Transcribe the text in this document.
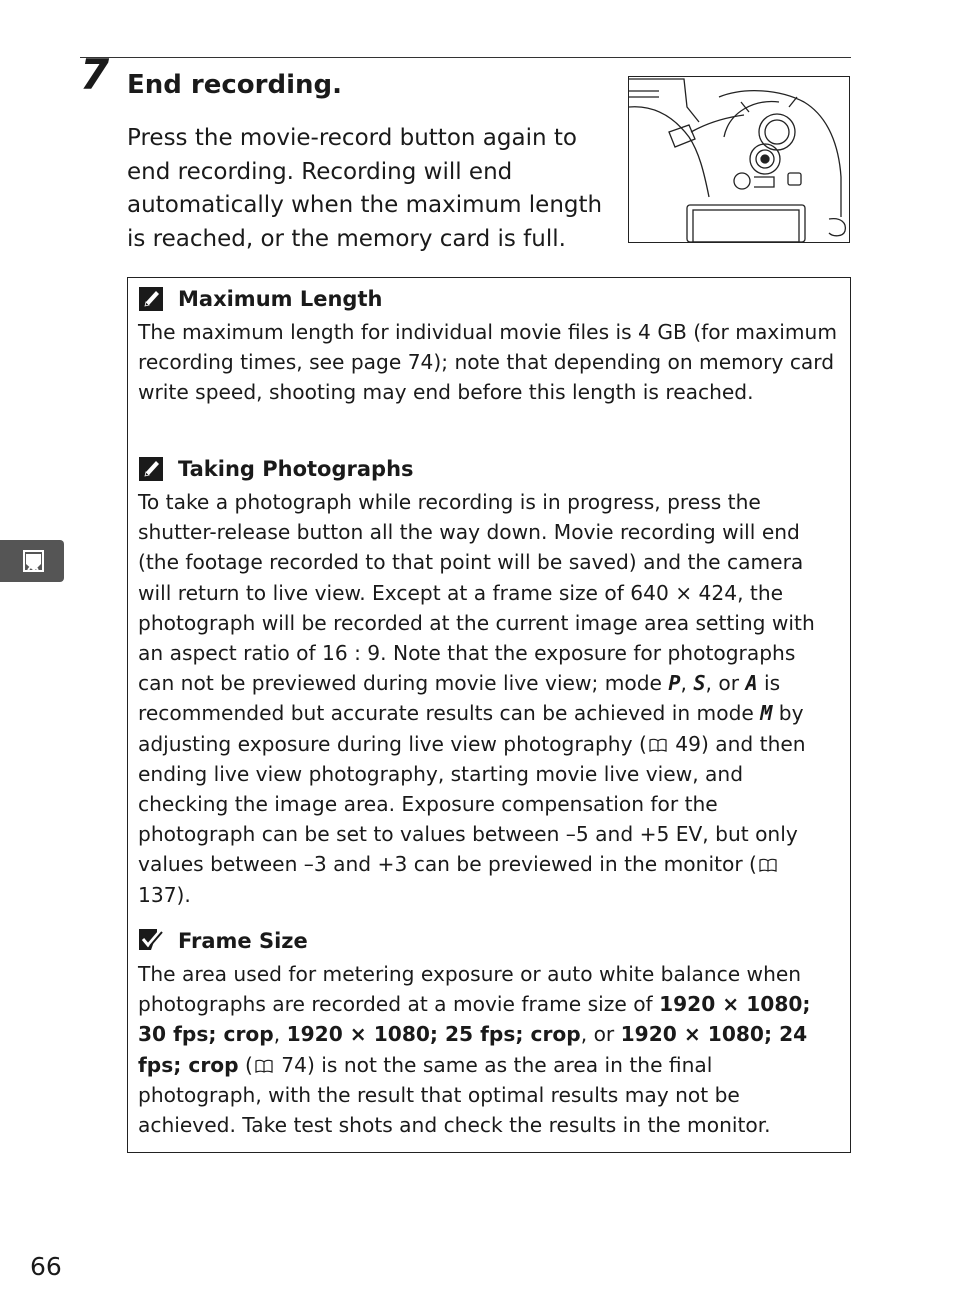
7 End recording.

Press the movie-record button again to end recording. Recording will end automatically when the maximum length is reached, or the memory card is full.

Maximum Length

The maximum length for individual movie files is 4 GB (for maximum recording times, see page 74); note that depending on memory card write speed, shooting may end before this length is reached.

Taking Photographs

To take a photograph while recording is in progress, press the shutter-release button all the way down. Movie recording will end (the footage recorded to that point will be saved) and the camera will return to live view. Except at a frame size of 640 × 424, the photograph will be recorded at the current image area setting with an aspect ratio of 16 : 9. Note that the exposure for photographs can not be previewed during movie live view; mode P, S, or A is recommended but accurate results can be achieved in mode M by adjusting exposure during live view photography ( 49) and then ending live view photography, starting movie live view, and checking the image area. Exposure compensation for the photograph can be set to values between –5 and +5 EV, but only values between –3 and +3 can be previewed in the monitor ( 137).

Frame Size

The area used for metering exposure or auto white balance when photographs are recorded at a movie frame size of 1920 × 1080; 30 fps; crop, 1920 × 1080; 25 fps; crop, or 1920 × 1080; 24 fps; crop ( 74) is not the same as the area in the final photograph, with the result that optimal results may not be achieved. Take test shots and check the results in the monitor.

66
